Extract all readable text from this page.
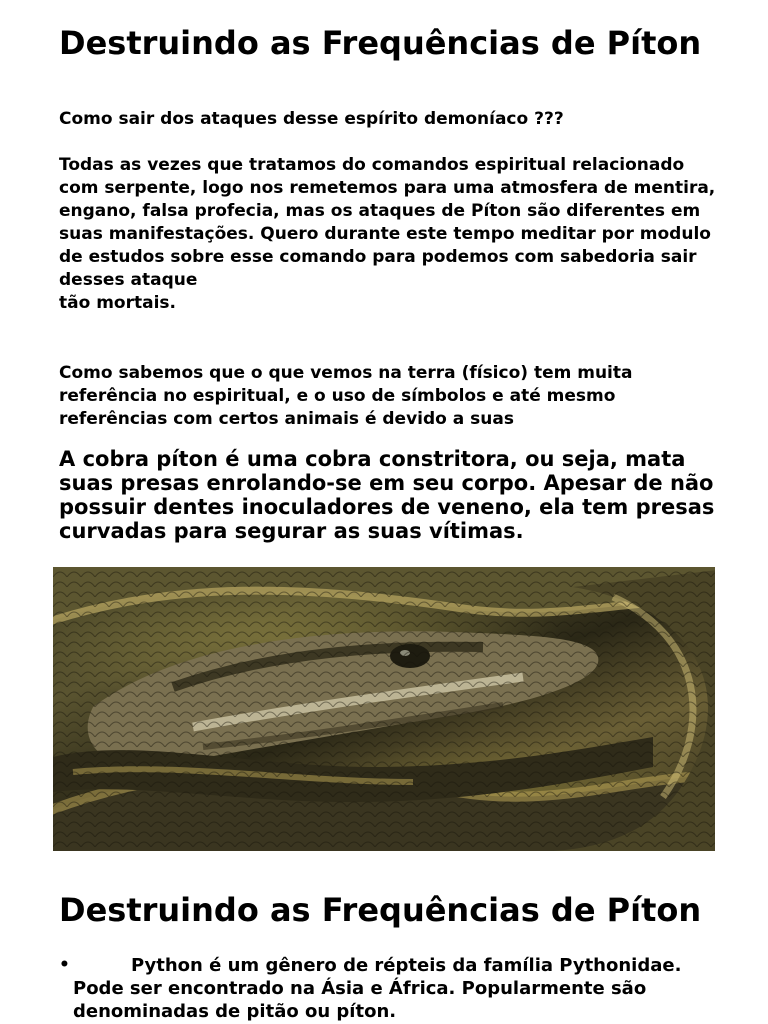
Destruindo as Frequências de Píton

Como sair dos ataques desse espírito demoníaco ???

Todas as vezes que tratamos do comandos espiritual relacionado com serpente, logo nos remetemos para uma atmosfera de mentira, engano, falsa profecia, mas os ataques de Píton são diferentes em suas manifestações. Quero durante este tempo meditar por modulo de estudos sobre esse comando para podemos com sabedoria sair desses ataque
tão mortais.

Como sabemos que o que vemos na terra (físico) tem muita referência no espiritual, e o uso de símbolos e até mesmo referências com certos animais é devido a suas

A cobra píton é uma cobra constritora, ou seja, mata suas presas enrolando-se em seu corpo. Apesar de não possuir dentes inoculadores de veneno, ela tem presas curvadas para segurar as suas vítimas.

Destruindo as Frequências de Píton
•	Python é um gênero de répteis da família Pythonidae. Pode ser encontrado na Ásia e África. Popularmente são denominadas de pitão ou píton.
